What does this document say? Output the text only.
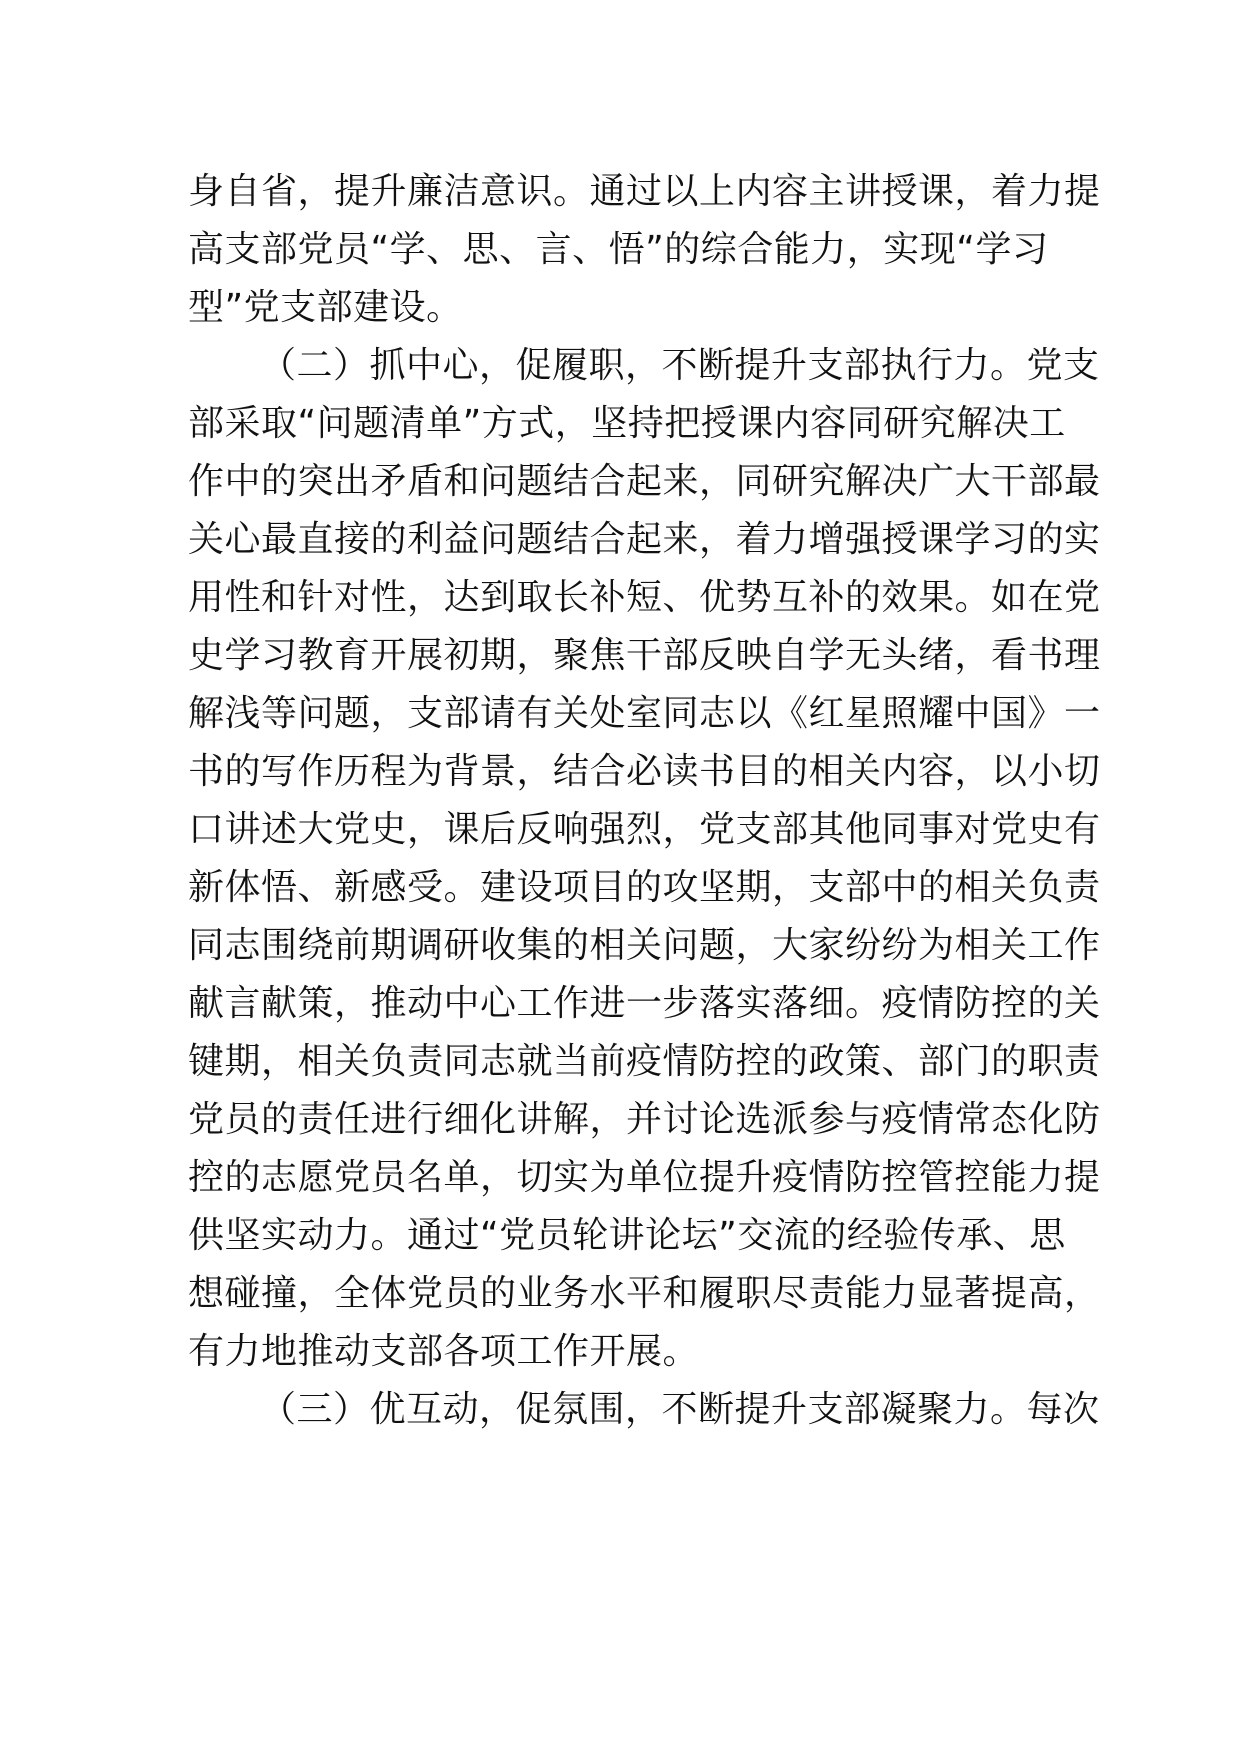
身自省，提升廉洁意识。通过以上内容主讲授课，着力提
高支部党员“学、思、言、悟”的综合能力，实现“学习
型”党支部建设。
（二）抓中心，促履职，不断提升支部执行力。党支
部采取“问题清单”方式，坚持把授课内容同研究解决工
作中的突出矛盾和问题结合起来，同研究解决广大干部最
关心最直接的利益问题结合起来，着力增强授课学习的实
用性和针对性，达到取长补短、优势互补的效果。如在党
史学习教育开展初期，聚焦干部反映自学无头绪，看书理
解浅等问题，支部请有关处室同志以《红星照耀中国》一
书的写作历程为背景，结合必读书目的相关内容，以小切
口讲述大党史，课后反响强烈，党支部其他同事对党史有
新体悟、新感受。建设项目的攻坚期，支部中的相关负责
同志围绕前期调研收集的相关问题，大家纷纷为相关工作
献言献策，推动中心工作进一步落实落细。疫情防控的关
键期，相关负责同志就当前疫情防控的政策、部门的职责
党员的责任进行细化讲解，并讨论选派参与疫情常态化防
控的志愿党员名单，切实为单位提升疫情防控管控能力提
供坚实动力。通过“党员轮讲论坛”交流的经验传承、思
想碰撞，全体党员的业务水平和履职尽责能力显著提高，
有力地推动支部各项工作开展。
（三）优互动，促氛围，不断提升支部凝聚力。每次
